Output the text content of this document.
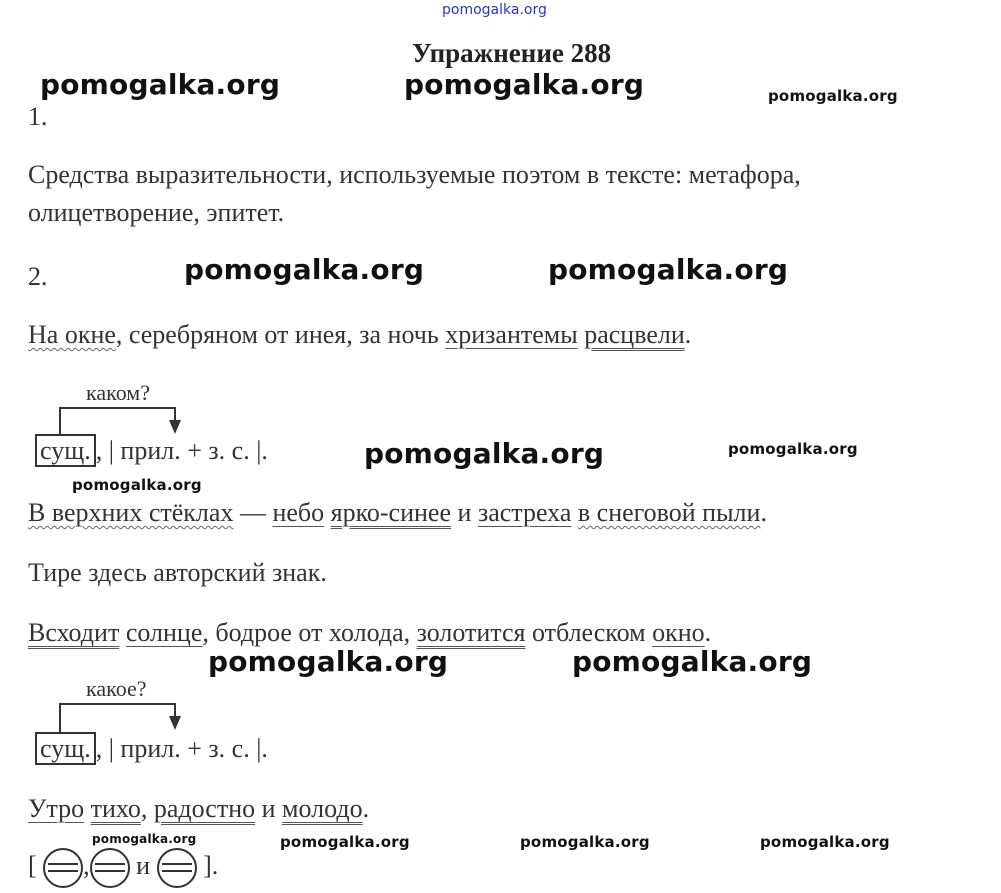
pomogalka.org
Упражнение 288
pomogalka.org	pomogalka.org	pomogalka.org
1.
Средства выразительности, используемые поэтом в тексте: метафора,
олицетворение, эпитет.
2.	pomogalka.org	pomogalka.org
На окне, серебряном от инея, за ночь хризантемы расцвели.
каком?
сущ. , | прил. + з. с. |.	pomogalka.org	pomogalka.org
pomogalka.org
В верхних стёклах — небо ярко-синее и застреха в снеговой пыли.
Тире здесь авторский знак.
Всходит солнце, бодрое от холода, золотится отблеском окно.
pomogalka.org	pomogalka.org
какое?
сущ. , | прил. + з. с. |.
Утро тихо, радостно и молодо.
pomogalka.org	pomogalka.org	pomogalka.org	pomogalka.org
[ , и ].
